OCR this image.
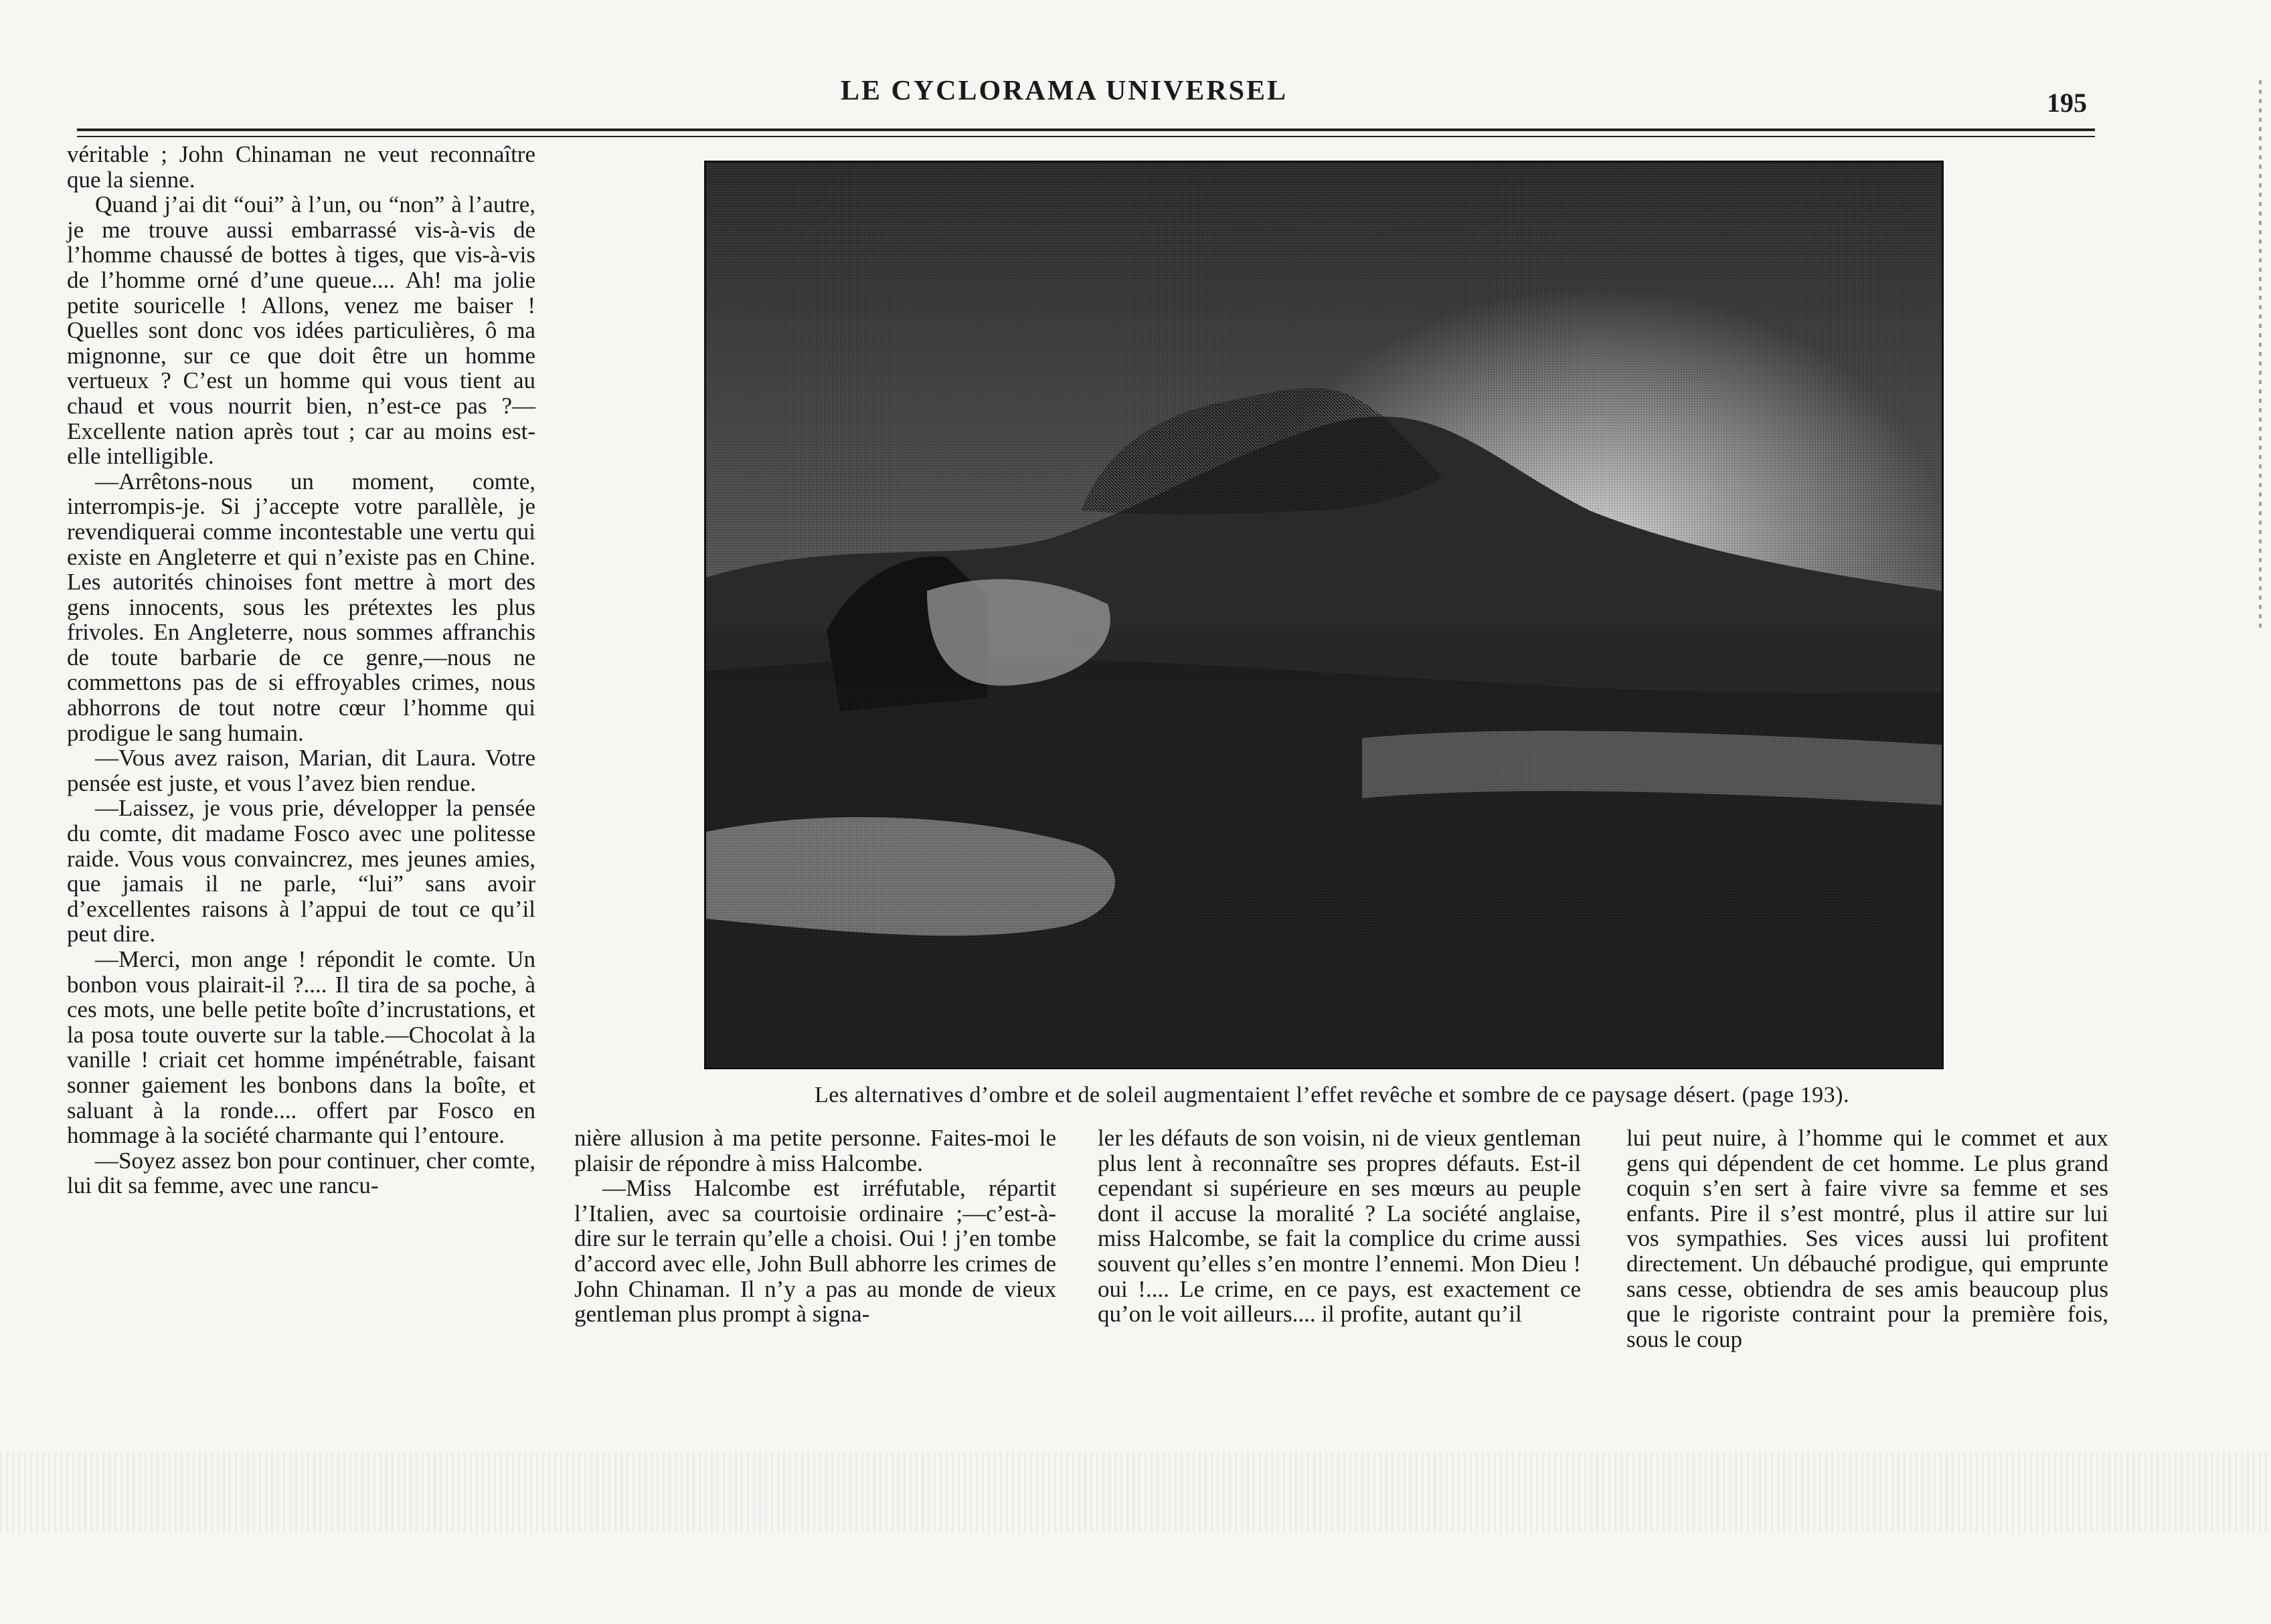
LE CYCLORAMA UNIVERSEL	195

véritable ; John Chinaman ne veut reconnaître que la sienne.

Quand j’ai dit “oui” à l’un, ou “non” à l’autre, je me trouve aussi embarrassé vis-à-vis de l’homme chaussé de bottes à tiges, que vis-à-vis de l’homme orné d’une queue.... Ah! ma jolie petite souricelle ! Allons, venez me baiser ! Quelles sont donc vos idées particulières, ô ma mignonne, sur ce que doit être un homme vertueux ? C’est un homme qui vous tient au chaud et vous nourrit bien, n’est-ce pas ?—Excellente nation après tout ; car au moins est-elle intelligible.

—Arrêtons-nous un moment, comte, interrompis-je. Si j’accepte votre parallèle, je revendiquerai comme incontestable une vertu qui existe en Angleterre et qui n’existe pas en Chine. Les autorités chinoises font mettre à mort des gens innocents, sous les prétextes les plus frivoles. En Angleterre, nous sommes affranchis de toute barbarie de ce genre,—nous ne commettons pas de si effroyables crimes, nous abhorrons de tout notre cœur l’homme qui prodigue le sang humain.

—Vous avez raison, Marian, dit Laura. Votre pensée est juste, et vous l’avez bien rendue.

—Laissez, je vous prie, développer la pensée du comte, dit madame Fosco avec une politesse raide. Vous vous convaincrez, mes jeunes amies, que jamais il ne parle, “lui” sans avoir d’excellentes raisons à l’appui de tout ce qu’il peut dire.

—Merci, mon ange ! répondit le comte. Un bonbon vous plairait-il ?.... Il tira de sa poche, à ces mots, une belle petite boîte d’incrustations, et la posa toute ouverte sur la table.—Chocolat à la vanille ! criait cet homme impénétrable, faisant sonner gaiement les bonbons dans la boîte, et saluant à la ronde.... offert par Fosco en hommage à la société charmante qui l’entoure.

—Soyez assez bon pour continuer, cher comte, lui dit sa femme, avec une rancu-

Les alternatives d’ombre et de soleil augmentaient l’effet revêche et sombre de ce paysage désert. (page 193).

nière allusion à ma petite personne. Faites-moi le plaisir de répondre à miss Halcombe.

—Miss Halcombe est irréfutable, répartit l’Italien, avec sa courtoisie ordinaire ;—c’est-à-dire sur le terrain qu’elle a choisi. Oui ! j’en tombe d’accord avec elle, John Bull abhorre les crimes de John Chinaman. Il n’y a pas au monde de vieux gentleman plus prompt à signa-

ler les défauts de son voisin, ni de vieux gentleman plus lent à reconnaître ses propres défauts. Est-il cependant si supérieure en ses mœurs au peuple dont il accuse la moralité ? La société anglaise, miss Halcombe, se fait la complice du crime aussi souvent qu’elles s’en montre l’ennemi. Mon Dieu ! oui !.... Le crime, en ce pays, est exactement ce qu’on le voit ailleurs.... il profite, autant qu’il

lui peut nuire, à l’homme qui le commet et aux gens qui dépendent de cet homme. Le plus grand coquin s’en sert à faire vivre sa femme et ses enfants. Pire il s’est montré, plus il attire sur lui vos sympathies. Ses vices aussi lui profitent directement. Un débauché prodigue, qui emprunte sans cesse, obtiendra de ses amis beaucoup plus que le rigoriste contraint pour la première fois, sous le coup
